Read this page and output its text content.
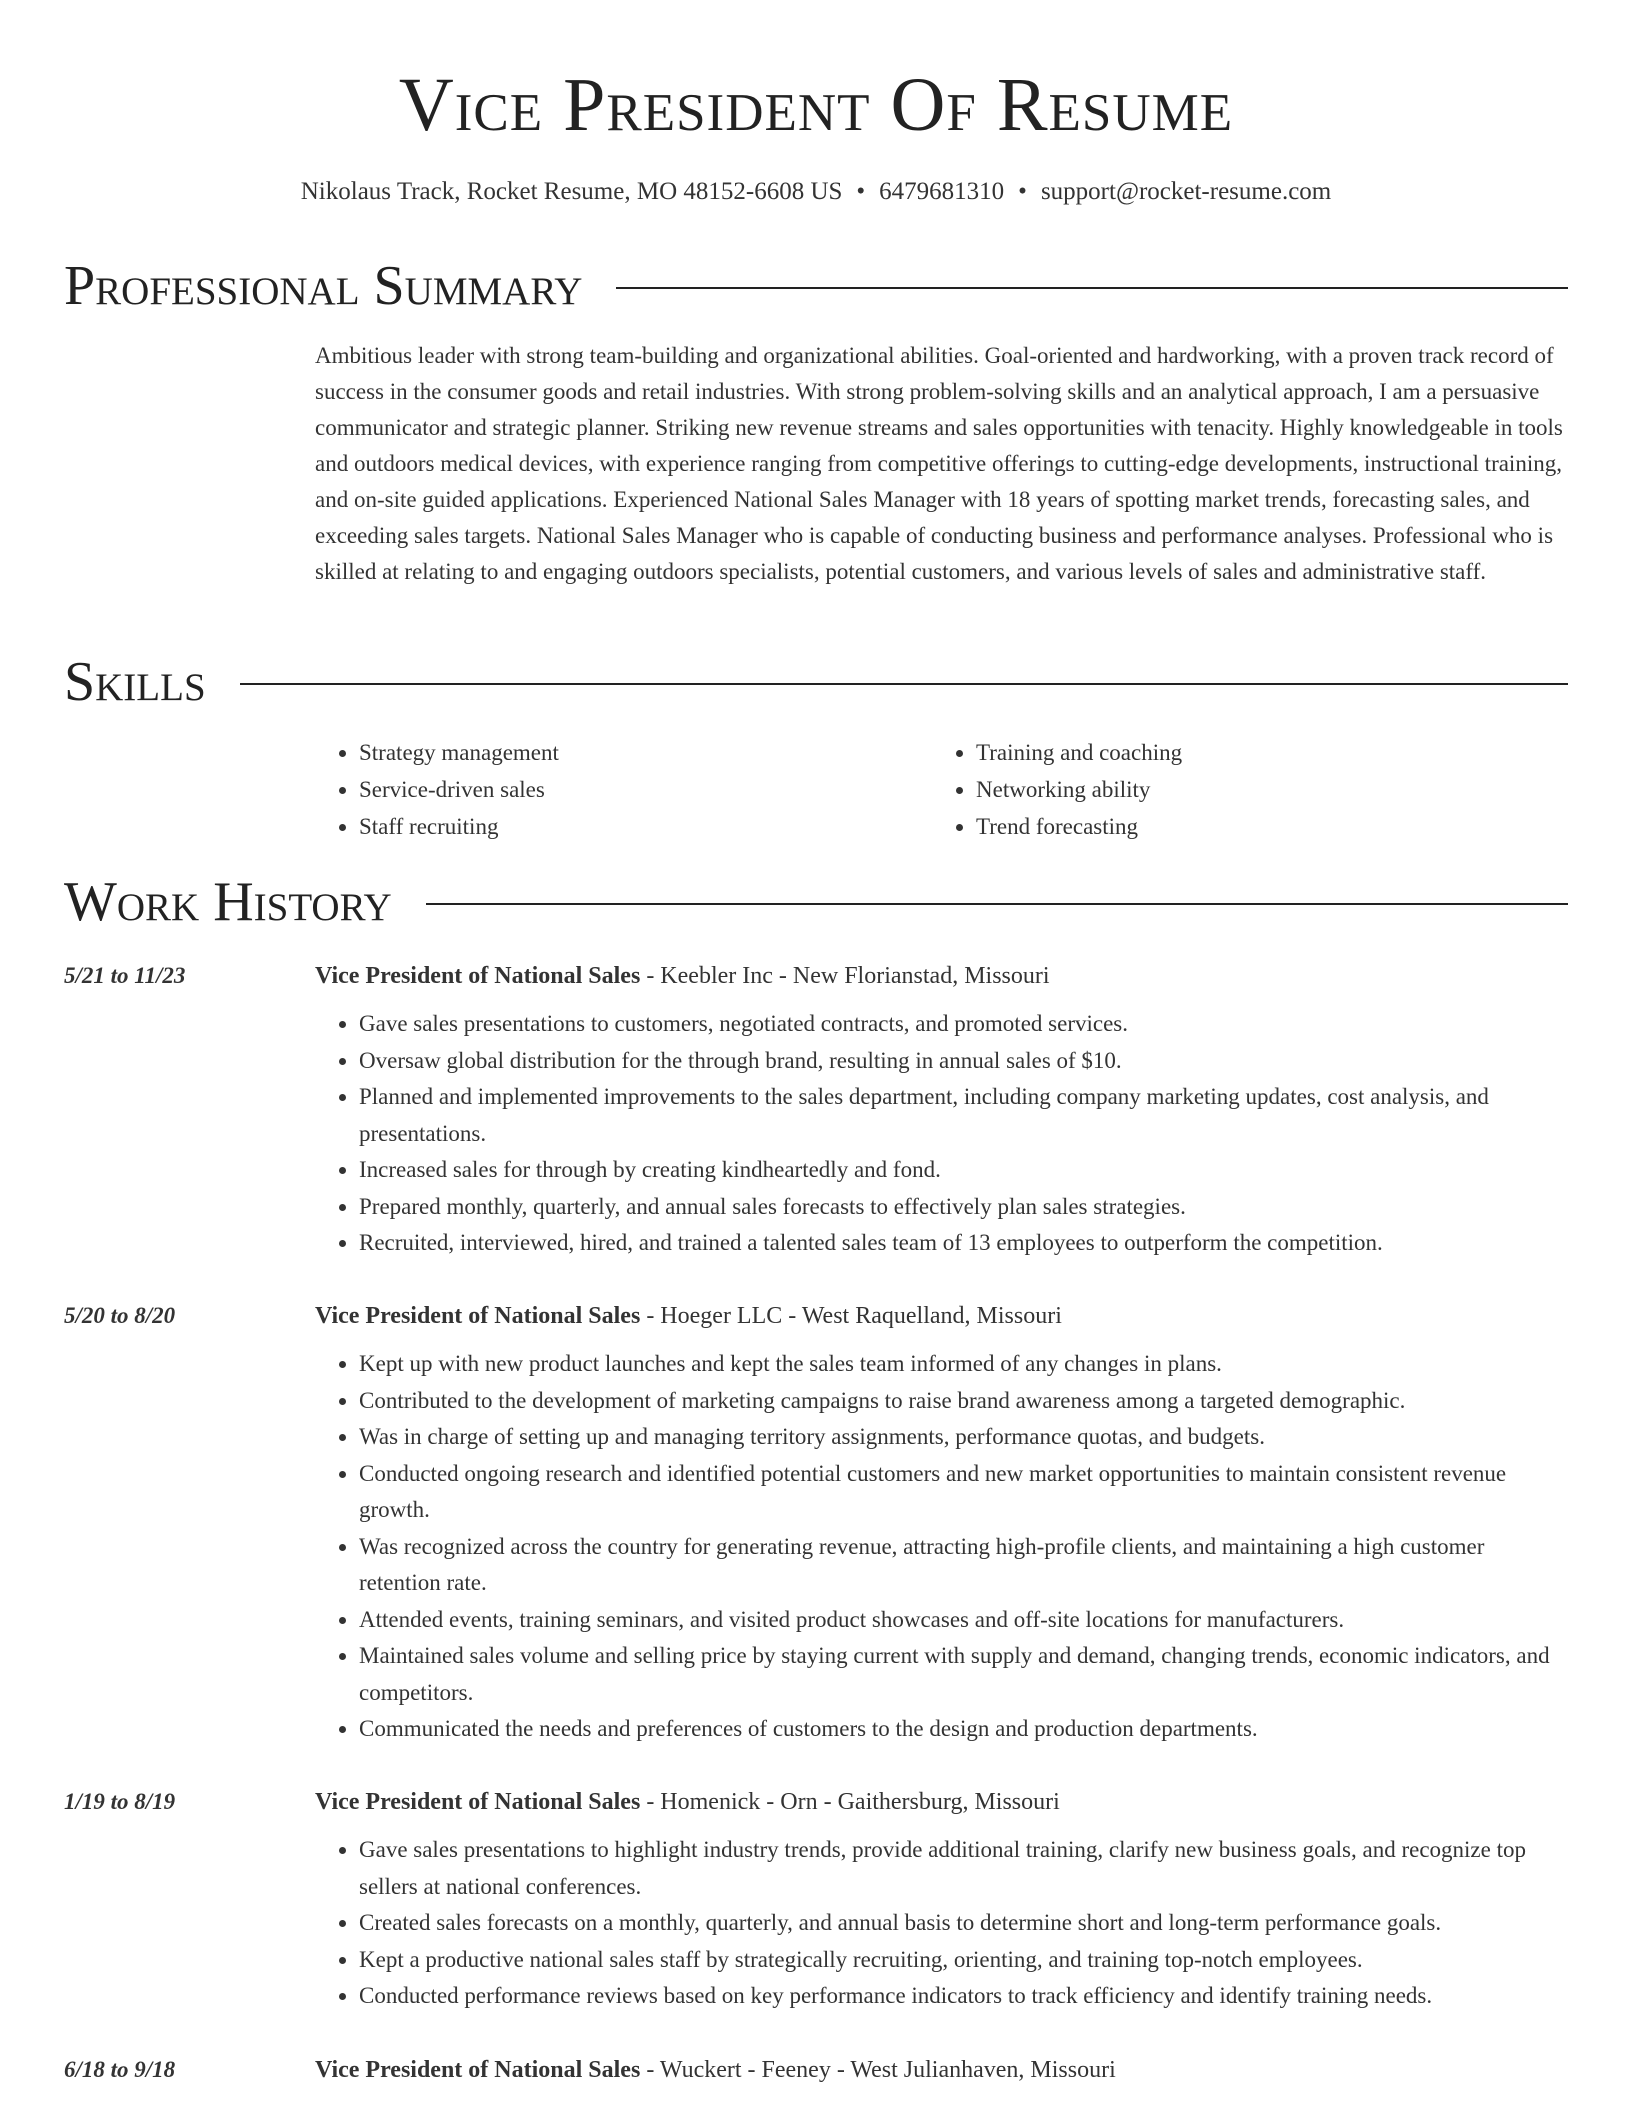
Vice President Of Resume
Nikolaus Track, Rocket Resume, MO 48152-6608 US • 6479681310 • support@rocket-resume.com
Professional Summary

Ambitious leader with strong team-building and organizational abilities. Goal-oriented and hardworking, with a proven track record of success in the consumer goods and retail industries. With strong problem-solving skills and an analytical approach, I am a persuasive communicator and strategic planner. Striking new revenue streams and sales opportunities with tenacity. Highly knowledgeable in tools and outdoors medical devices, with experience ranging from competitive offerings to cutting-edge developments, instructional training, and on-site guided applications. Experienced National Sales Manager with 18 years of spotting market trends, forecasting sales, and exceeding sales targets. National Sales Manager who is capable of conducting business and performance analyses. Professional who is skilled at relating to and engaging outdoors specialists, potential customers, and various levels of sales and administrative staff.

Skills
• Strategy management
• Service-driven sales
• Staff recruiting
• Training and coaching
• Networking ability
• Trend forecasting
Work History
5/21 to 11/23	Vice President of National Sales - Keebler Inc - New Florianstad, Missouri
• Gave sales presentations to customers, negotiated contracts, and promoted services.
• Oversaw global distribution for the through brand, resulting in annual sales of $10.
• Planned and implemented improvements to the sales department, including company marketing updates, cost analysis, and presentations.
• Increased sales for through by creating kindheartedly and fond.
• Prepared monthly, quarterly, and annual sales forecasts to effectively plan sales strategies.
• Recruited, interviewed, hired, and trained a talented sales team of 13 employees to outperform the competition.
5/20 to 8/20	Vice President of National Sales - Hoeger LLC - West Raquelland, Missouri
• Kept up with new product launches and kept the sales team informed of any changes in plans.
• Contributed to the development of marketing campaigns to raise brand awareness among a targeted demographic.
• Was in charge of setting up and managing territory assignments, performance quotas, and budgets.
• Conducted ongoing research and identified potential customers and new market opportunities to maintain consistent revenue growth.
• Was recognized across the country for generating revenue, attracting high-profile clients, and maintaining a high customer retention rate.
• Attended events, training seminars, and visited product showcases and off-site locations for manufacturers.
• Maintained sales volume and selling price by staying current with supply and demand, changing trends, economic indicators, and competitors.
• Communicated the needs and preferences of customers to the design and production departments.
1/19 to 8/19	Vice President of National Sales - Homenick - Orn - Gaithersburg, Missouri
• Gave sales presentations to highlight industry trends, provide additional training, clarify new business goals, and recognize top sellers at national conferences.
• Created sales forecasts on a monthly, quarterly, and annual basis to determine short and long-term performance goals.
• Kept a productive national sales staff by strategically recruiting, orienting, and training top-notch employees.
• Conducted performance reviews based on key performance indicators to track efficiency and identify training needs.
6/18 to 9/18	Vice President of National Sales - Wuckert - Feeney - West Julianhaven, Missouri
